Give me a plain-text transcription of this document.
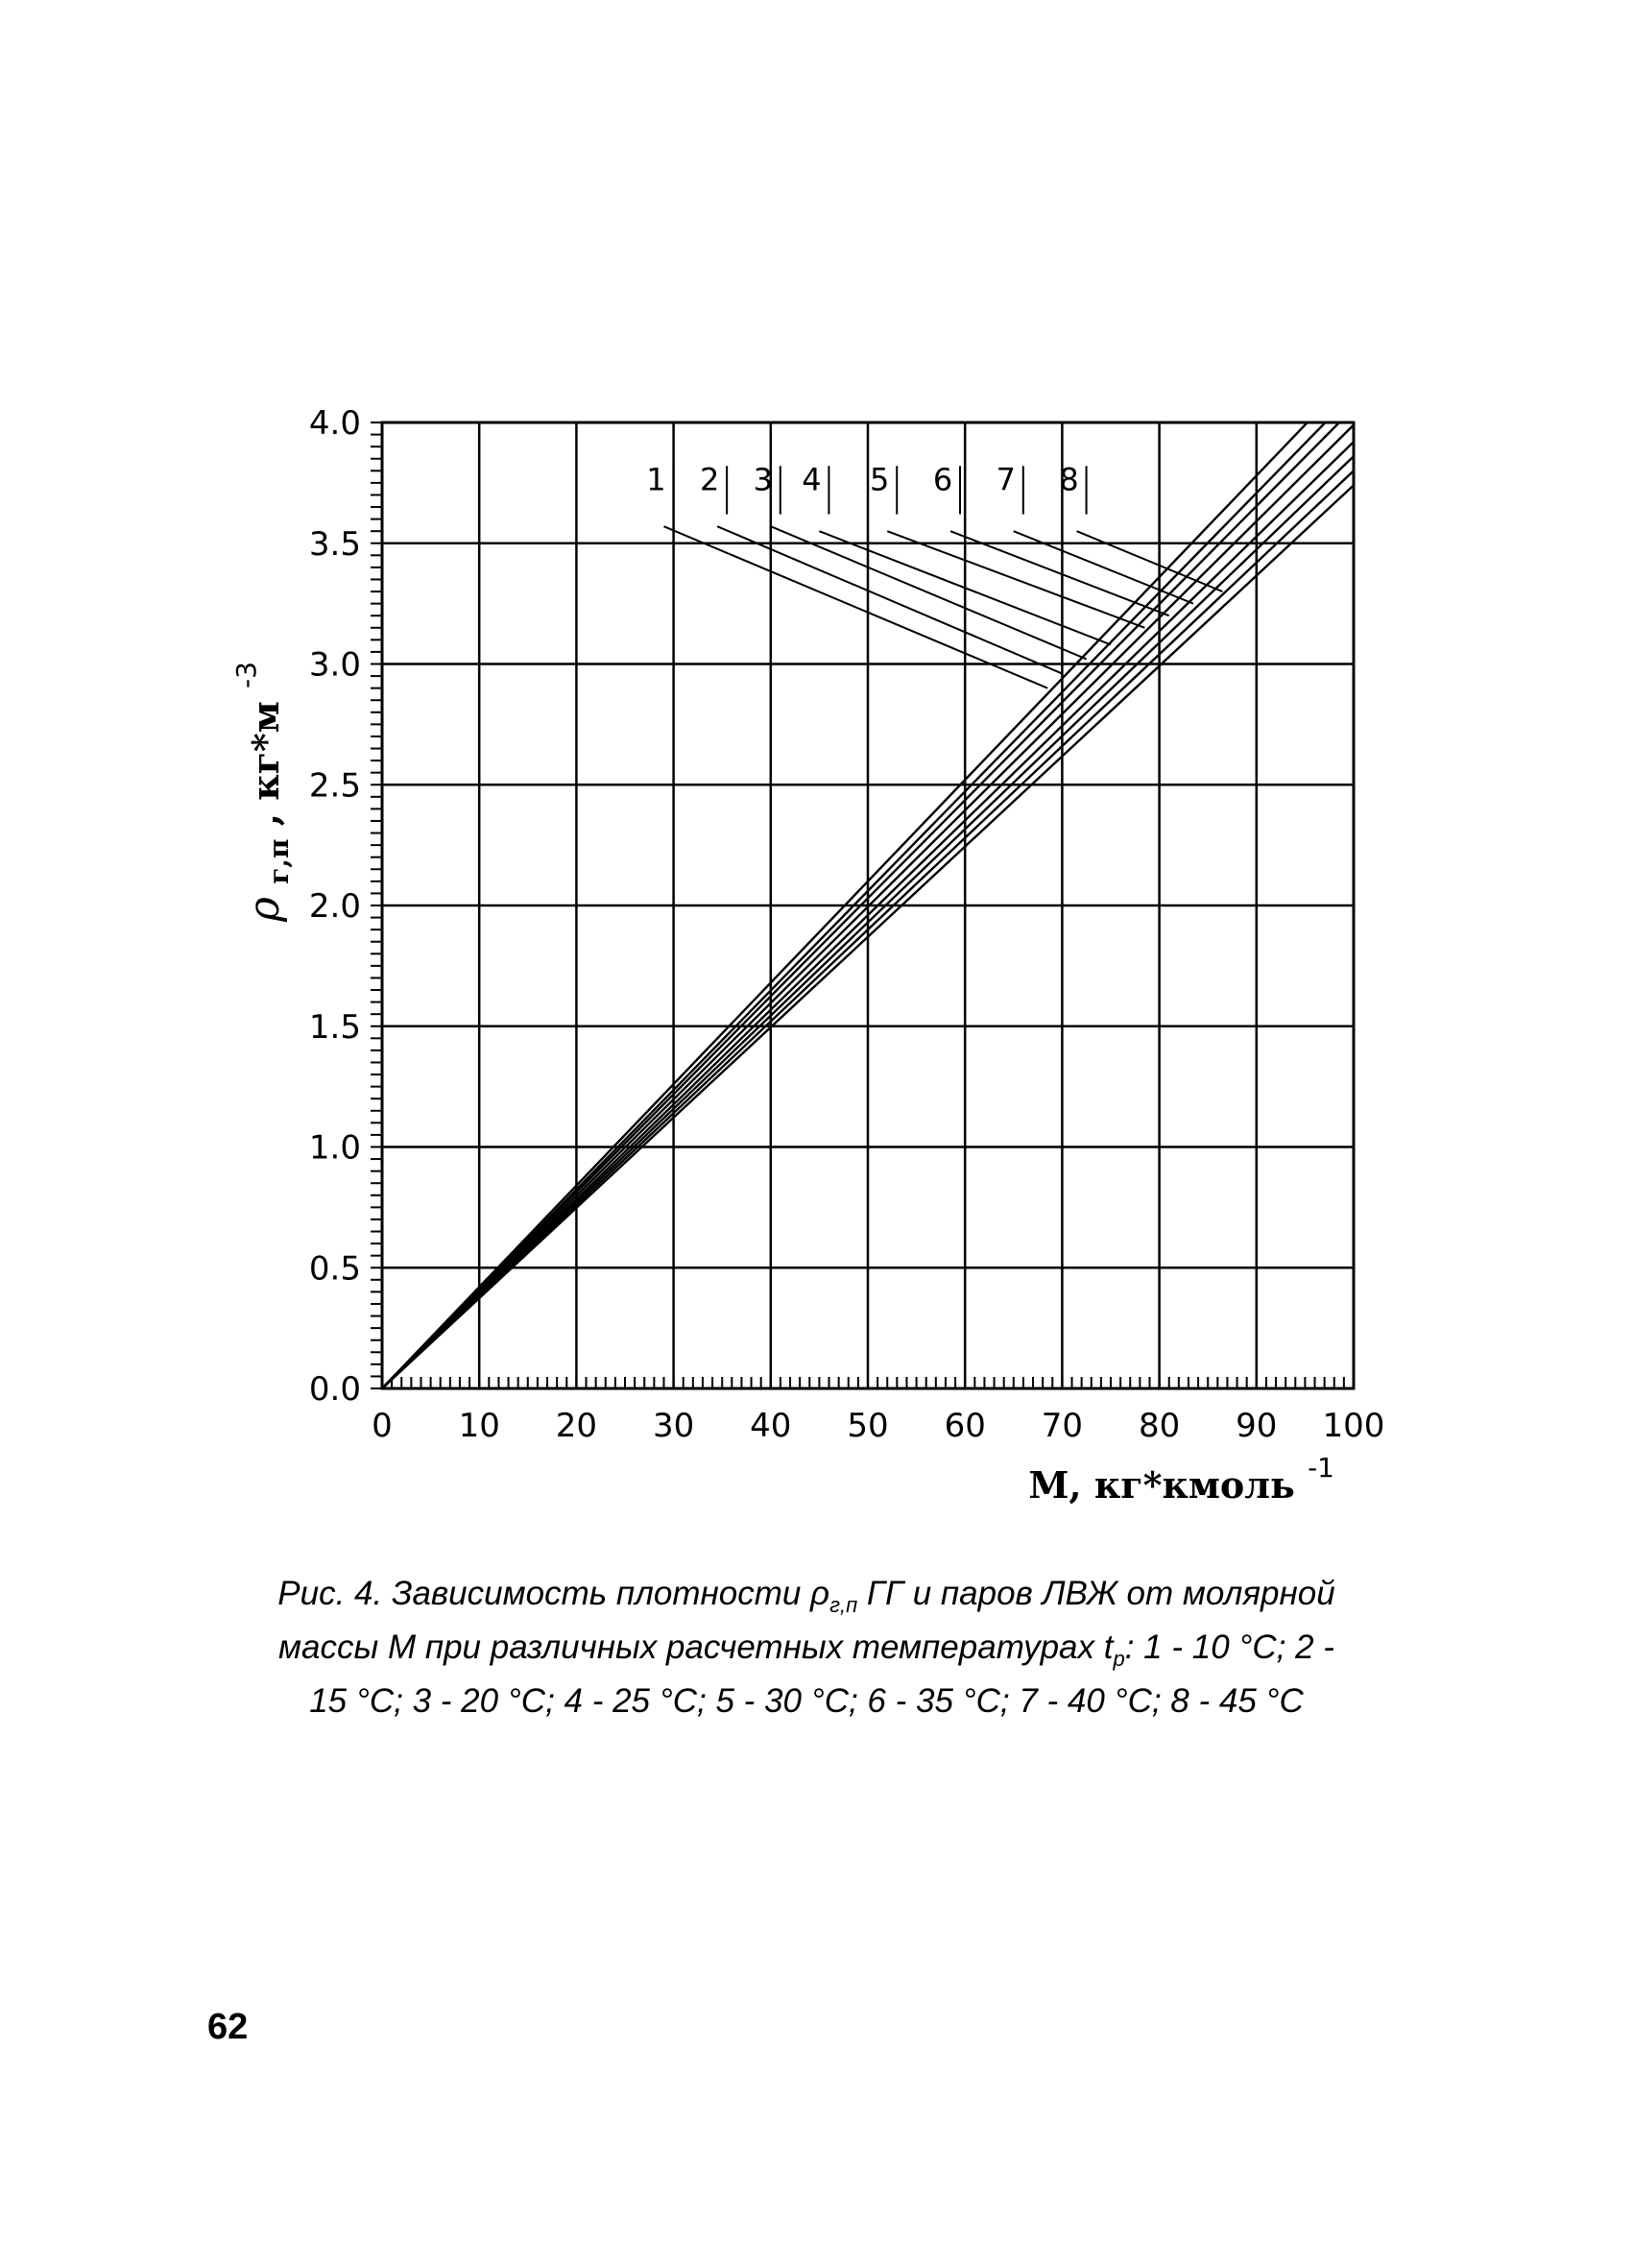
1 2 3 4 5 6 7 8
0.0
0.5
1.0
1.5
2.0
2.5
3.0
3.5
4.0
0 10 20 30 40 50 60 70 80 90 100
M, кг*кмоль $^{-1}$
ρ $_{г,п}$ , кг*м $^{-3}$
Рис. 4. Зависимость плотности $\rho_{г,п}$ ГГ и паров ЛВЖ от молярной
массы М при различных расчетных температурах $t_р$: 1 - 10 °С; 2 -
15 °С; 3 - 20 °С; 4 - 25 °С; 5 - 30 °С; 6 - 35 °С; 7 - 40 °С; 8 - 45 °С
62
